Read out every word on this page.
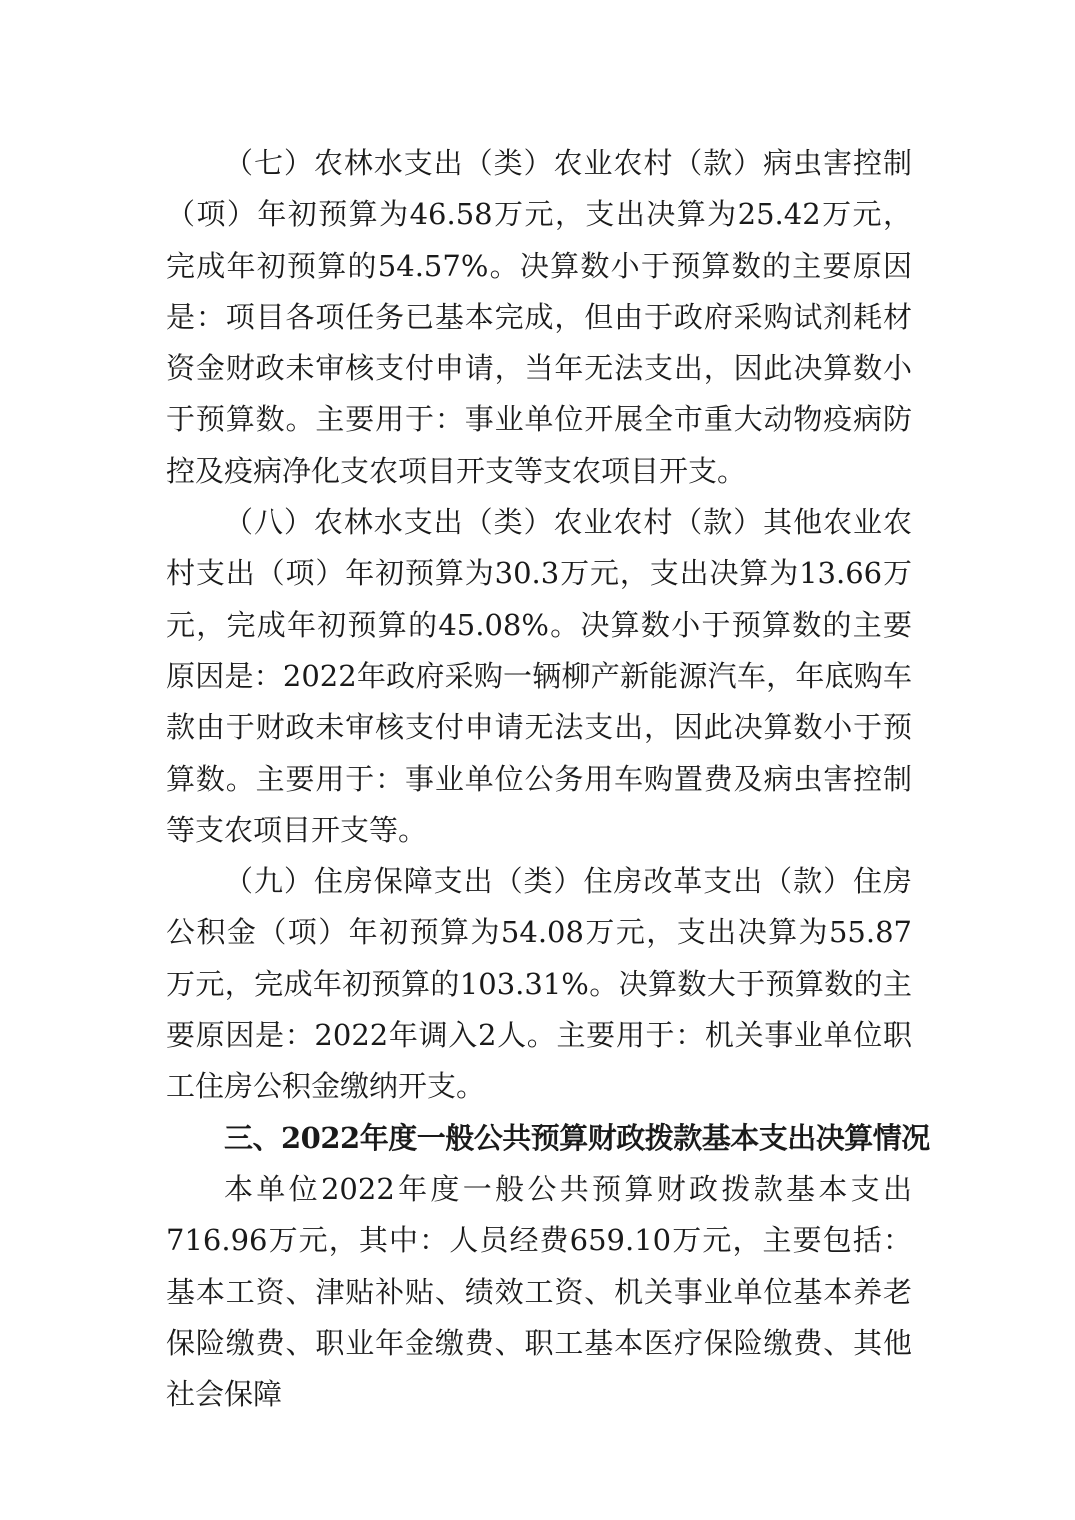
（七）农林水支出（类）农业农村（款）病虫害控制（项）年初预算为46.58万元，支出决算为25.42万元，完成年初预算的54.57%。决算数小于预算数的主要原因是：项目各项任务已基本完成，但由于政府采购试剂耗材资金财政未审核支付申请，当年无法支出，因此决算数小于预算数。主要用于：事业单位开展全市重大动物疫病防控及疫病净化支农项目开支等支农项目开支。

（八）农林水支出（类）农业农村（款）其他农业农村支出（项）年初预算为30.3万元，支出决算为13.66万元，完成年初预算的45.08%。决算数小于预算数的主要原因是：2022年政府采购一辆柳产新能源汽车，年底购车款由于财政未审核支付申请无法支出，因此决算数小于预算数。主要用于：事业单位公务用车购置费及病虫害控制等支农项目开支等。

（九）住房保障支出（类）住房改革支出（款）住房公积金（项）年初预算为54.08万元，支出决算为55.87万元，完成年初预算的103.31%。决算数大于预算数的主要原因是：2022年调入2人。主要用于：机关事业单位职工住房公积金缴纳开支。

三、2022年度一般公共预算财政拨款基本支出决算情况

本单位2022年度一般公共预算财政拨款基本支出716.96万元，其中：人员经费659.10万元，主要包括：基本工资、津贴补贴、绩效工资、机关事业单位基本养老保险缴费、职业年金缴费、职工基本医疗保险缴费、其他社会保障
